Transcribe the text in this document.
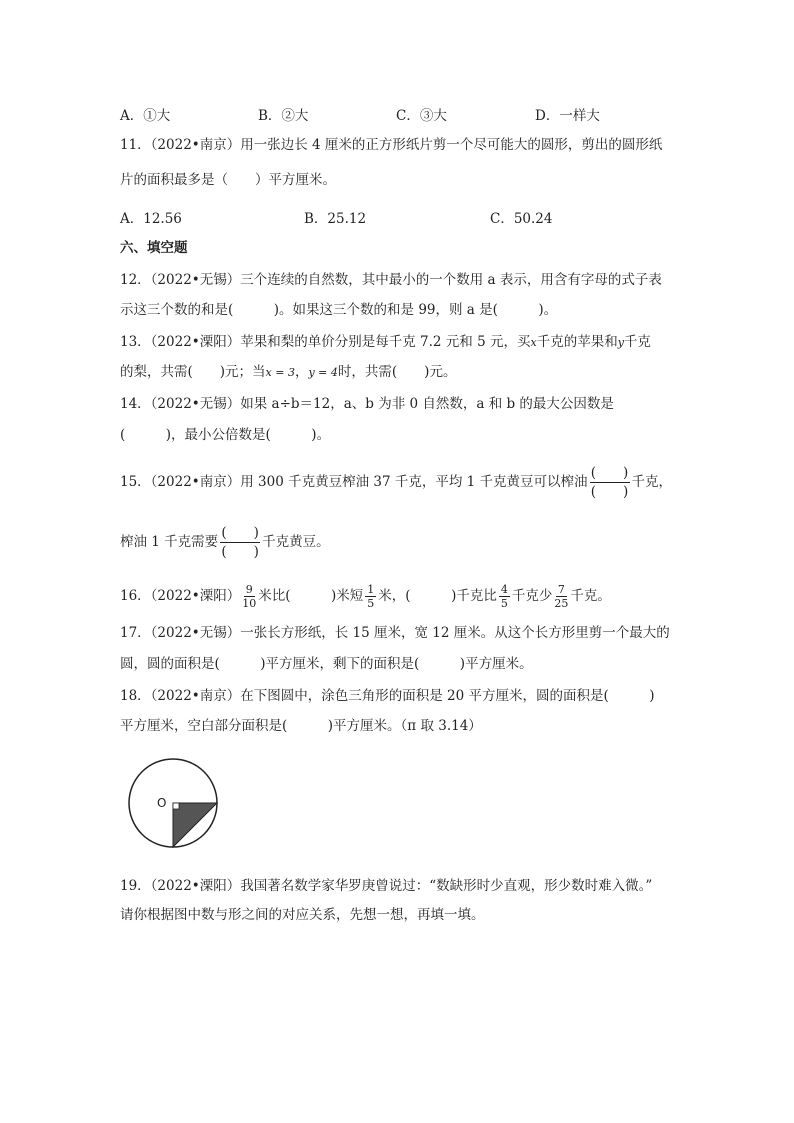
A．①大	B．②大	C．③大	D．一样大
11．（2022•南京）用一张边长 4 厘米的正方形纸片剪一个尽可能大的圆形，剪出的圆形纸
片的面积最多是（　　）平方厘米。
A．12.56	B．25.12	C．50.24
六、填空题
12．（2022•无锡）三个连续的自然数，其中最小的一个数用 a 表示，用含有字母的式子表
示这三个数的和是(　　　)。如果这三个数的和是 99，则 a 是(　　　)。
13．（2022•溧阳）苹果和梨的单价分别是每千克 7.2 元和 5 元，买x千克的苹果和y千克
的梨，共需(　　)元；当x = 3，y = 4时，共需(　　)元。
14．（2022•无锡）如果 a÷b＝12，a、b 为非 0 自然数，a 和 b 的最大公因数是
(　　　)，最小公倍数是(　　　)。
15．（2022•南京）用 300 千克黄豆榨油 37 千克，平均 1 千克黄豆可以榨油 $\frac{( )}{( )}$ 千克，
榨油 1 千克需要 $\frac{( )}{( )}$ 千克黄豆。
16．（2022•溧阳） $\frac{9}{10}$ 米比(　　　)米短 $\frac{1}{5}$ 米，(　　　)千克比 $\frac{4}{5}$ 千克少 $\frac{7}{25}$ 千克。
17．（2022•无锡）一张长方形纸，长 15 厘米，宽 12 厘米。从这个长方形里剪一个最大的
圆，圆的面积是(　　　)平方厘米，剩下的面积是(　　　)平方厘米。
18．（2022•南京）在下图圆中，涂色三角形的面积是 20 平方厘米，圆的面积是(　　　)
平方厘米，空白部分面积是(　　　)平方厘米。（π 取 3.14）
O
19．（2022•溧阳）我国著名数学家华罗庚曾说过：“数缺形时少直观，形少数时难入微。”
请你根据图中数与形之间的对应关系，先想一想，再填一填。
